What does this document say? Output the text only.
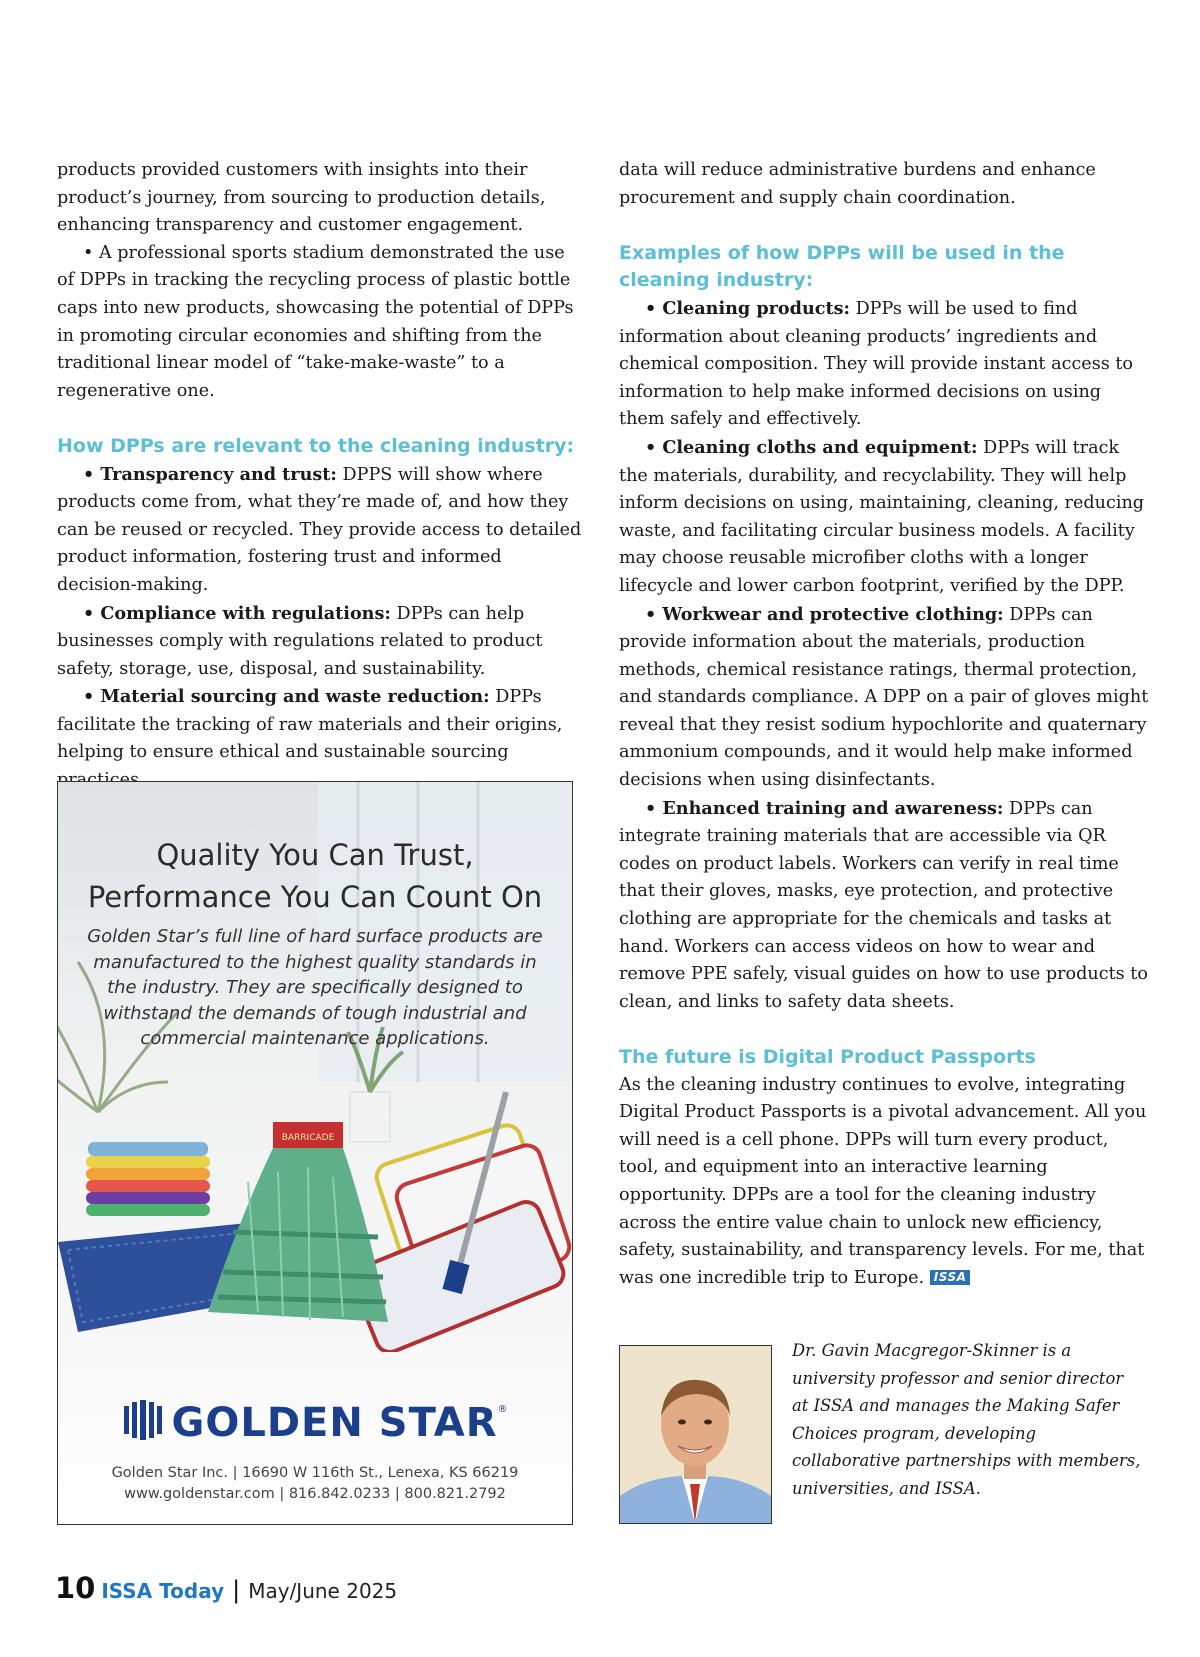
products provided customers with insights into their product’s journey, from sourcing to production details, enhancing transparency and customer engagement.

• A professional sports stadium demonstrated the use of DPPs in tracking the recycling process of plastic bottle caps into new products, showcasing the potential of DPPs in promoting circular economies and shifting from the traditional linear model of “take-make-waste” to a regenerative one.

How DPPs are relevant to the cleaning industry:

• Transparency and trust: DPPS will show where products come from, what they’re made of, and how they can be reused or recycled. They provide access to detailed product information, fostering trust and informed decision-making.

• Compliance with regulations: DPPs can help businesses comply with regulations related to product safety, storage, use, disposal, and sustainability.

• Material sourcing and waste reduction: DPPs facilitate the tracking of raw materials and their origins, helping to ensure ethical and sustainable sourcing

data will reduce administrative burdens and enhance procurement and supply chain coordination.

Examples of how DPPs will be used in the cleaning industry:

• Cleaning products: DPPs will be used to find information about cleaning products’ ingredients and chemical composition. They will provide instant access to information to help make informed decisions on using them safely and effectively.

• Cleaning cloths and equipment: DPPs will track the materials, durability, and recyclability. They will help inform decisions on using, maintaining, cleaning, reducing waste, and facilitating circular business models. A facility may choose reusable microfiber cloths with a longer lifecycle and lower carbon footprint, verified by the DPP.

• Workwear and protective clothing: DPPs can provide information about the materials, production methods, chemical resistance ratings, thermal protection, and standards compliance. A DPP on a pair of gloves might reveal that they resist sodium hypochlorite and quaternary ammonium compounds, and it would help make informed decisions when using disinfectants.

• Enhanced training and awareness: DPPs can integrate training materials that are accessible via QR codes on product labels. Workers can verify in real time that their gloves, masks, eye protection, and protective clothing are appropriate for the chemicals and tasks at hand. Workers can access videos on how to wear and remove PPE safely, visual guides on how to use products to clean, and links to safety data sheets.

The future is Digital Product Passports

As the cleaning industry continues to evolve, integrating Digital Product Passports is a pivotal advancement. All you will need is a cell phone. DPPs will turn every product, tool, and equipment into an interactive learning opportunity. DPPs are a tool for the cleaning industry across the entire value chain to unlock new efficiency, safety, sustainability, and transparency levels. For me, that was one incredible trip to Europe. ISSA

Quality You Can Trust,
Performance You Can Count On
Golden Star’s full line of hard surface products are manufactured to the highest quality standards in the industry. They are specifically designed to withstand the demands of tough industrial and commercial maintenance applications.
BARRICADE
GOLDEN STAR®
Golden Star Inc. | 16690 W 116th St., Lenexa, KS 66219
www.goldenstar.com | 816.842.0233 | 800.821.2792
Dr. Gavin Macgregor-Skinner is a university professor and senior director at ISSA and manages the Making Safer Choices program, developing collaborative partnerships with members, universities, and ISSA.
10 ISSA Today | May/June 2025
